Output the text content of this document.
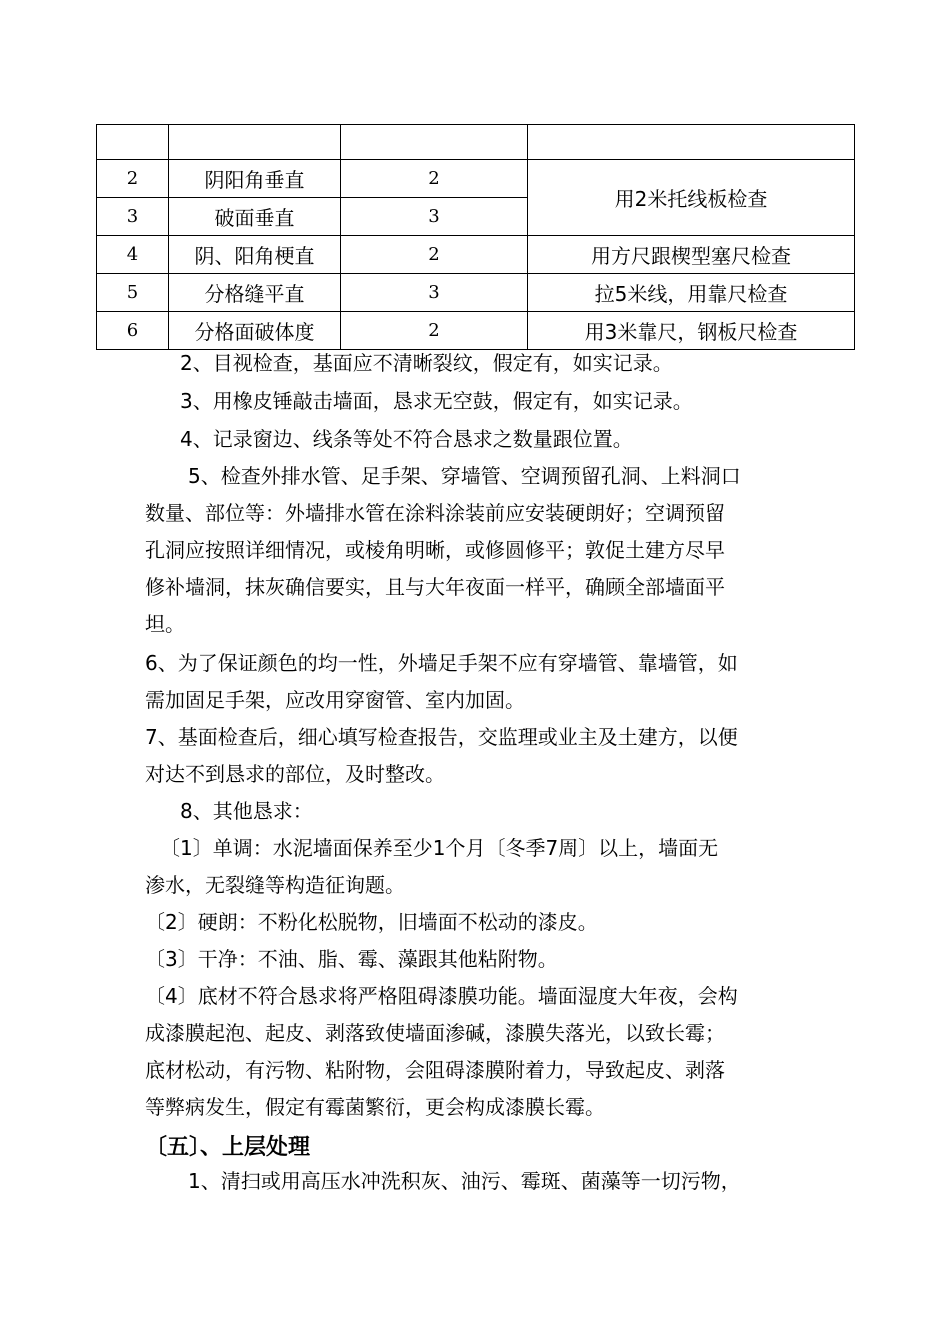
2	阴阳角垂直	2	用2米托线板检查
3	破面垂直	3	
4	阴、阳角梗直	2	用方尺跟楔型塞尺检查
5	分格缝平直	3	拉5米线，用靠尺检查
6	分格面破体度	2	用3米靠尺，钢板尺检查
2、目视检查，基面应不清晰裂纹，假定有，如实记录。
3、用橡皮锤敲击墙面，恳求无空鼓，假定有，如实记录。
4、记录窗边、线条等处不符合恳求之数量跟位置。
5、检查外排水管、足手架、穿墙管、空调预留孔洞、上料洞口
数量、部位等：外墙排水管在涂料涂装前应安装硬朗好；空调预留
孔洞应按照详细情况，或棱角明晰，或修圆修平；敦促土建方尽早
修补墙洞，抹灰确信要实，且与大年夜面一样平，确顾全部墙面平
坦。
6、为了保证颜色的均一性，外墙足手架不应有穿墙管、靠墙管，如
需加固足手架，应改用穿窗管、室内加固。
7、基面检查后，细心填写检查报告，交监理或业主及土建方，以便
对达不到恳求的部位，及时整改。
8、其他恳求：
〔1〕单调：水泥墙面保养至少1个月〔冬季7周〕以上，墙面无
渗水，无裂缝等构造征询题。
〔2〕硬朗：不粉化松脱物，旧墙面不松动的漆皮。
〔3〕干净：不油、脂、霉、藻跟其他粘附物。
〔4〕底材不符合恳求将严格阻碍漆膜功能。墙面湿度大年夜，会构
成漆膜起泡、起皮、剥落致使墙面渗碱，漆膜失落光，以致长霉；
底材松动，有污物、粘附物，会阻碍漆膜附着力，导致起皮、剥落
等弊病发生，假定有霉菌繁衍，更会构成漆膜长霉。
〔五〕、上层处理
1、清扫或用高压水冲洗积灰、油污、霉斑、菌藻等一切污物，
